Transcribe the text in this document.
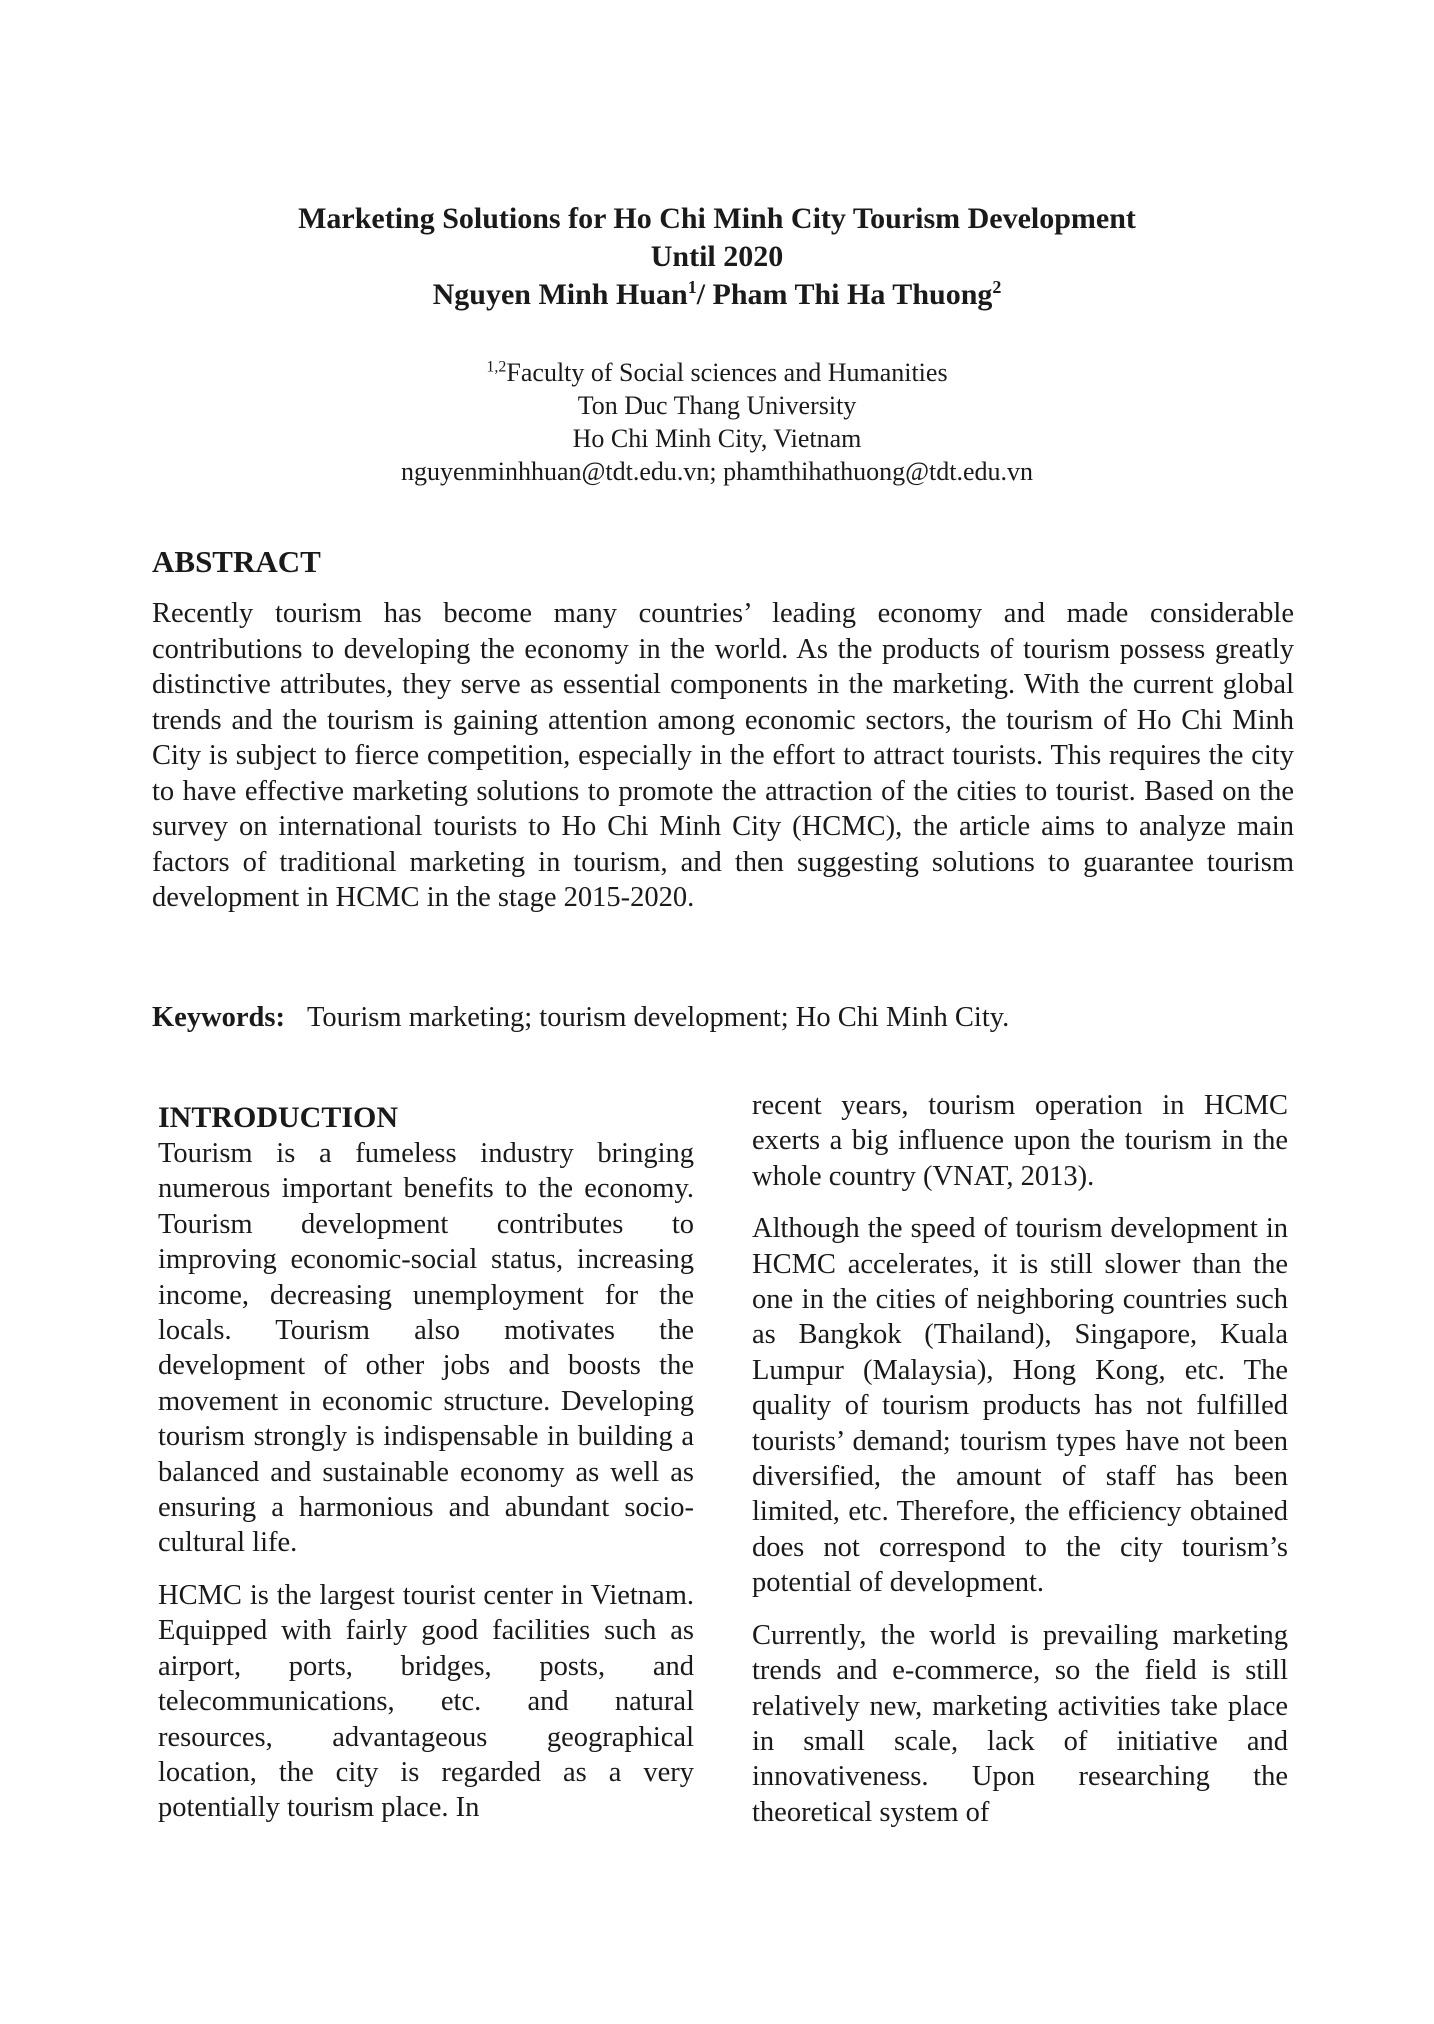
Marketing Solutions for Ho Chi Minh City Tourism Development
Until 2020
Nguyen Minh Huan$^1$/ Pham Thi Ha Thuong$^2$
$^{1,2}$Faculty of Social sciences and Humanities
Ton Duc Thang University
Ho Chi Minh City, Vietnam
nguyenminhhuan@tdt.edu.vn; phamthihathuong@tdt.edu.vn
ABSTRACT

Recently tourism has become many countries’ leading economy and made considerable contributions to developing the economy in the world. As the products of tourism possess greatly distinctive attributes, they serve as essential components in the marketing. With the current global trends and the tourism is gaining attention among economic sectors, the tourism of Ho Chi Minh City is subject to fierce competition, especially in the effort to attract tourists. This requires the city to have effective marketing solutions to promote the attraction of the cities to tourist. Based on the survey on international tourists to Ho Chi Minh City (HCMC), the article aims to analyze main factors of traditional marketing in tourism, and then suggesting solutions to guarantee tourism development in HCMC in the stage 2015-2020.

Keywords: Tourism marketing; tourism development; Ho Chi Minh City.

INTRODUCTION

Tourism is a fumeless industry bringing numerous important benefits to the economy. Tourism development contributes to improving economic-social status, increasing income, decreasing unemployment for the locals. Tourism also motivates the development of other jobs and boosts the movement in economic structure. Developing tourism strongly is indispensable in building a balanced and sustainable economy as well as ensuring a harmonious and abundant socio-cultural life.

HCMC is the largest tourist center in Vietnam. Equipped with fairly good facilities such as airport, ports, bridges, posts, and telecommunications, etc. and natural resources, advantageous geographical location, the city is regarded as a very potentially tourism place. In

recent years, tourism operation in HCMC exerts a big influence upon the tourism in the whole country (VNAT, 2013).

Although the speed of tourism development in HCMC accelerates, it is still slower than the one in the cities of neighboring countries such as Bangkok (Thailand), Singapore, Kuala Lumpur (Malaysia), Hong Kong, etc. The quality of tourism products has not fulfilled tourists’ demand; tourism types have not been diversified, the amount of staff has been limited, etc. Therefore, the efficiency obtained does not correspond to the city tourism’s potential of development.

Currently, the world is prevailing marketing trends and e-commerce, so the field is still relatively new, marketing activities take place in small scale, lack of initiative and innovativeness. Upon researching the theoretical system of
